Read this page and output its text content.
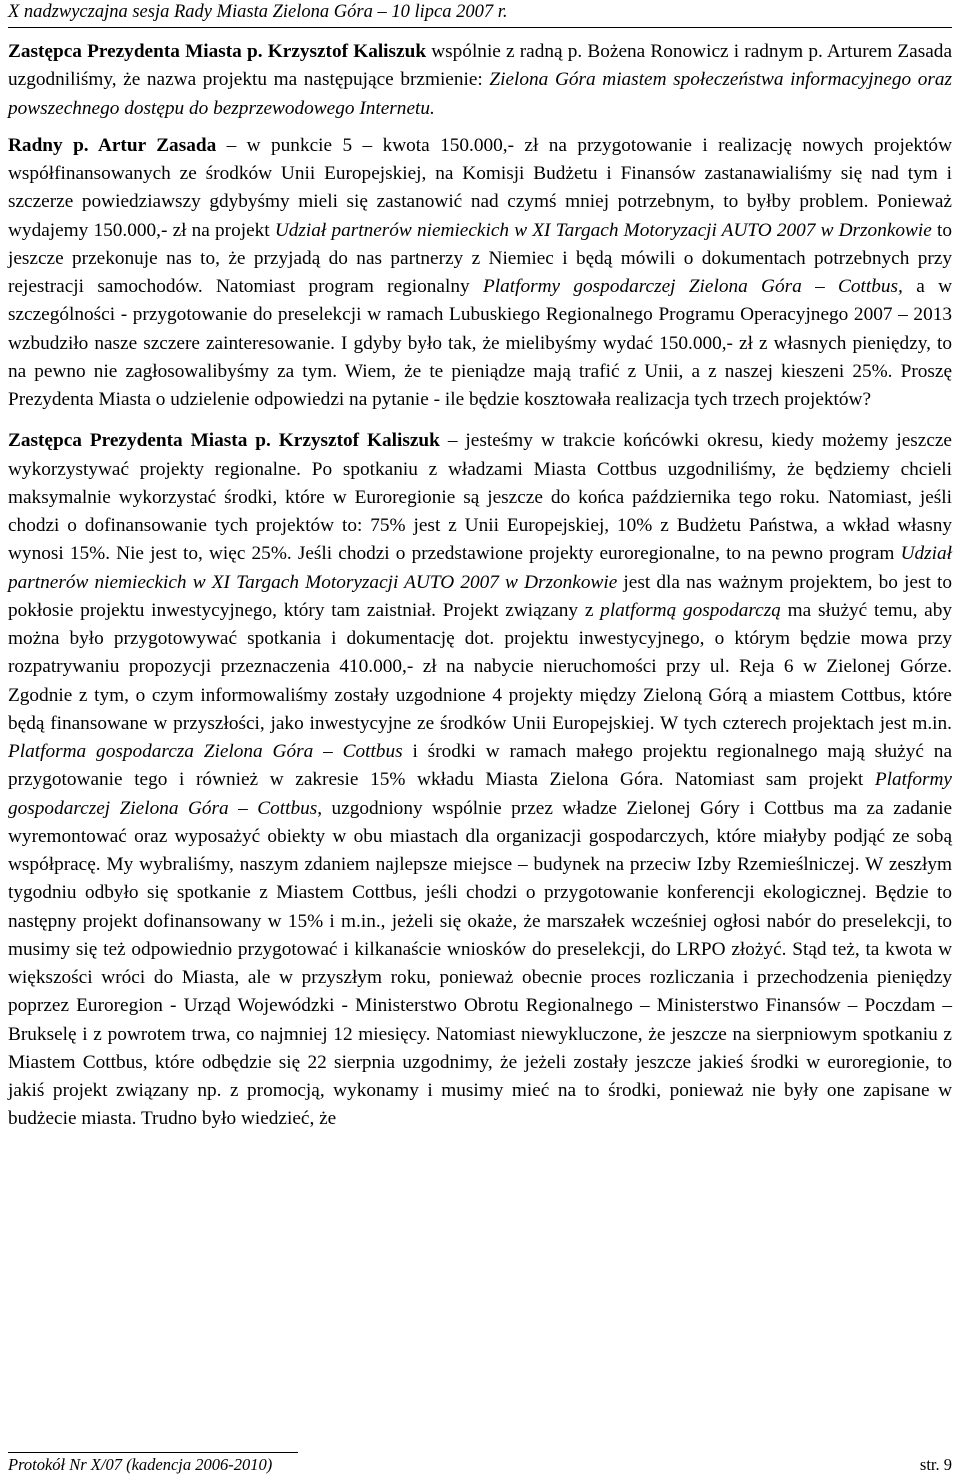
X nadzwyczajna sesja Rady Miasta Zielona Góra – 10 lipca 2007 r.

Zastępca Prezydenta Miasta p. Krzysztof Kaliszuk wspólnie z radną p. Bożena Ronowicz i radnym p. Arturem Zasada uzgodniliśmy, że nazwa projektu ma następujące brzmienie: Zielona Góra miastem społeczeństwa informacyjnego oraz powszechnego dostępu do bezprzewodowego Internetu.

Radny p. Artur Zasada – w punkcie 5 – kwota 150.000,- zł na przygotowanie i realizację nowych projektów współfinansowanych ze środków Unii Europejskiej, na Komisji Budżetu i Finansów zastanawialiśmy się nad tym i szczerze powiedziawszy gdybyśmy mieli się zastanowić nad czymś mniej potrzebnym, to byłby problem. Ponieważ wydajemy 150.000,- zł na projekt Udział partnerów niemieckich w XI Targach Motoryzacji AUTO 2007 w Drzonkowie to jeszcze przekonuje nas to, że przyjadą do nas partnerzy z Niemiec i będą mówili o dokumentach potrzebnych przy rejestracji samochodów. Natomiast program regionalny Platformy gospodarczej Zielona Góra – Cottbus, a w szczególności - przygotowanie do preselekcji w ramach Lubuskiego Regionalnego Programu Operacyjnego 2007 – 2013 wzbudziło nasze szczere zainteresowanie. I gdyby było tak, że mielibyśmy wydać 150.000,- zł z własnych pieniędzy, to na pewno nie zagłosowalibyśmy za tym. Wiem, że te pieniądze mają trafić z Unii, a z naszej kieszeni 25%. Proszę Prezydenta Miasta o udzielenie odpowiedzi na pytanie - ile będzie kosztowała realizacja tych trzech projektów?

Zastępca Prezydenta Miasta p. Krzysztof Kaliszuk – jesteśmy w trakcie końcówki okresu, kiedy możemy jeszcze wykorzystywać projekty regionalne. Po spotkaniu z władzami Miasta Cottbus uzgodniliśmy, że będziemy chcieli maksymalnie wykorzystać środki, które w Euroregionie są jeszcze do końca października tego roku. Natomiast, jeśli chodzi o dofinansowanie tych projektów to: 75% jest z Unii Europejskiej, 10% z Budżetu Państwa, a wkład własny wynosi 15%. Nie jest to, więc 25%. Jeśli chodzi o przedstawione projekty euroregionalne, to na pewno program Udział partnerów niemieckich w XI Targach Motoryzacji AUTO 2007 w Drzonkowie jest dla nas ważnym projektem, bo jest to pokłosie projektu inwestycyjnego, który tam zaistniał. Projekt związany z platformą gospodarczą ma służyć temu, aby można było przygotowywać spotkania i dokumentację dot. projektu inwestycyjnego, o którym będzie mowa przy rozpatrywaniu propozycji przeznaczenia 410.000,- zł na nabycie nieruchomości przy ul. Reja 6 w Zielonej Górze. Zgodnie z tym, o czym informowaliśmy zostały uzgodnione 4 projekty między Zieloną Górą a miastem Cottbus, które będą finansowane w przyszłości, jako inwestycyjne ze środków Unii Europejskiej. W tych czterech projektach jest m.in. Platforma gospodarcza Zielona Góra – Cottbus i środki w ramach małego projektu regionalnego mają służyć na przygotowanie tego i również w zakresie 15% wkładu Miasta Zielona Góra. Natomiast sam projekt Platformy gospodarczej Zielona Góra – Cottbus, uzgodniony wspólnie przez władze Zielonej Góry i Cottbus ma za zadanie wyremontować oraz wyposażyć obiekty w obu miastach dla organizacji gospodarczych, które miałyby podjąć ze sobą współpracę. My wybraliśmy, naszym zdaniem najlepsze miejsce – budynek na przeciw Izby Rzemieślniczej. W zeszłym tygodniu odbyło się spotkanie z Miastem Cottbus, jeśli chodzi o przygotowanie konferencji ekologicznej. Będzie to następny projekt dofinansowany w 15% i m.in., jeżeli się okaże, że marszałek wcześniej ogłosi nabór do preselekcji, to musimy się też odpowiednio przygotować i kilkanaście wniosków do preselekcji, do LRPO złożyć. Stąd też, ta kwota w większości wróci do Miasta, ale w przyszłym roku, ponieważ obecnie proces rozliczania i przechodzenia pieniędzy poprzez Euroregion - Urząd Wojewódzki - Ministerstwo Obrotu Regionalnego – Ministerstwo Finansów – Poczdam – Brukselę i z powrotem trwa, co najmniej 12 miesięcy. Natomiast niewykluczone, że jeszcze na sierpniowym spotkaniu z Miastem Cottbus, które odbędzie się 22 sierpnia uzgodnimy, że jeżeli zostały jeszcze jakieś środki w euroregionie, to jakiś projekt związany np. z promocją, wykonamy i musimy mieć na to środki, ponieważ nie były one zapisane w budżecie miasta. Trudno było wiedzieć, że

Protokół Nr X/07 (kadencja 2006-2010)	str. 9
